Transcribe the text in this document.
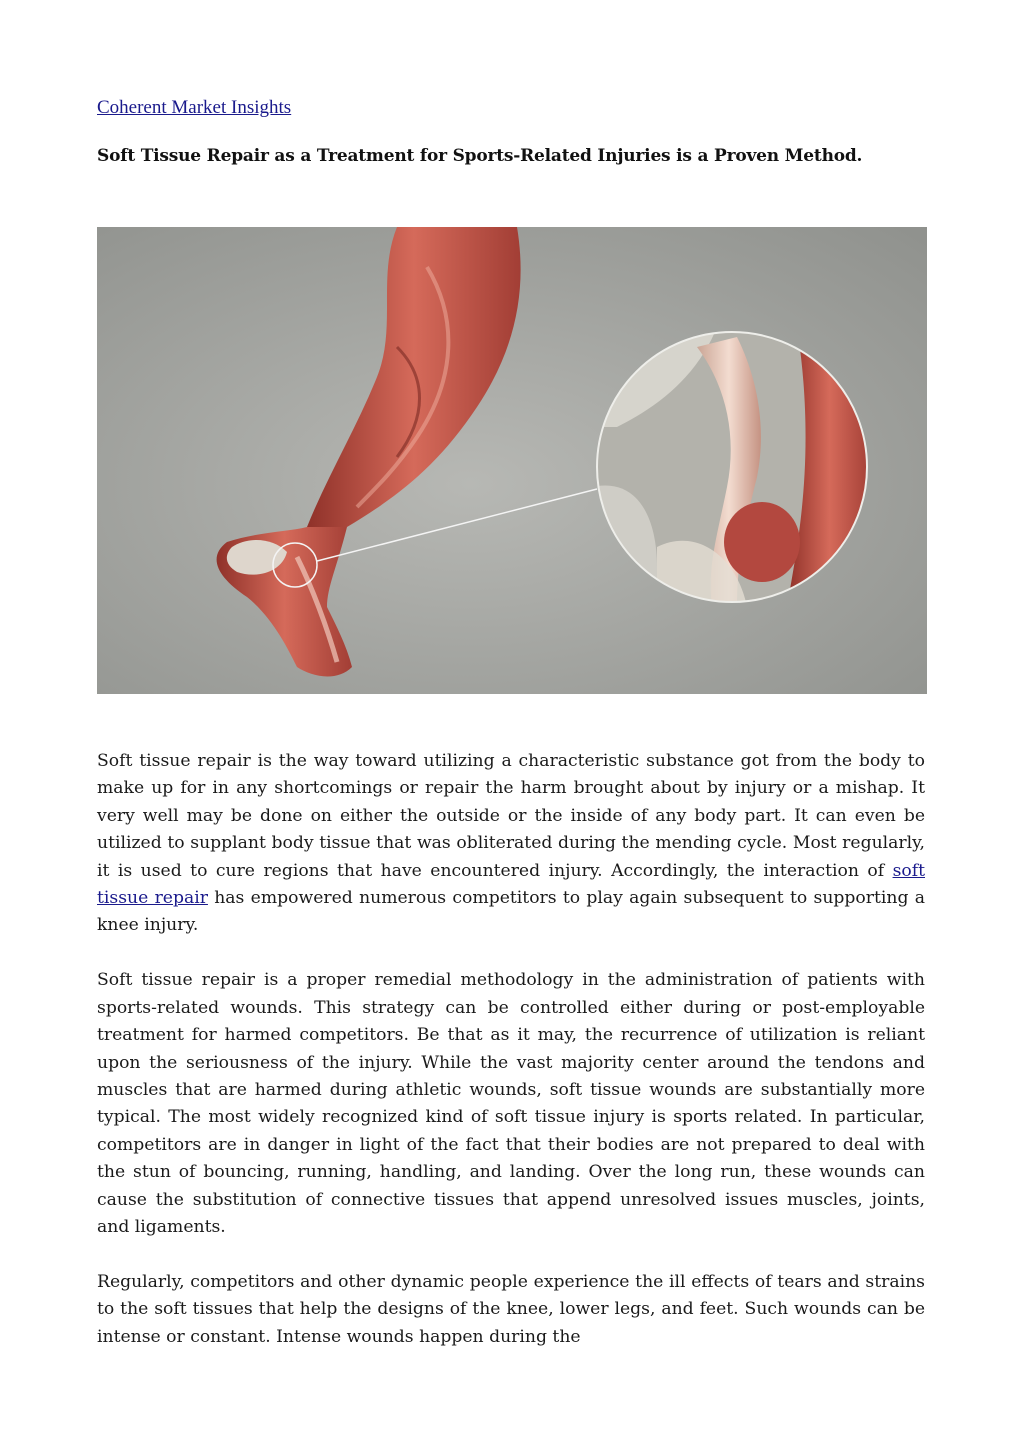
Coherent Market Insights
Soft Tissue Repair as a Treatment for Sports-Related Injuries is a Proven Method.

Soft tissue repair is the way toward utilizing a characteristic substance got from the body to make up for in any shortcomings or repair the harm brought about by injury or a mishap. It very well may be done on either the outside or the inside of any body part. It can even be utilized to supplant body tissue that was obliterated during the mending cycle. Most regularly, it is used to cure regions that have encountered injury. Accordingly, the interaction of soft tissue repair has empowered numerous competitors to play again subsequent to supporting a knee injury.

Soft tissue repair is a proper remedial methodology in the administration of patients with sports-related wounds. This strategy can be controlled either during or post-employable treatment for harmed competitors. Be that as it may, the recurrence of utilization is reliant upon the seriousness of the injury. While the vast majority center around the tendons and muscles that are harmed during athletic wounds, soft tissue wounds are substantially more typical. The most widely recognized kind of soft tissue injury is sports related. In particular, competitors are in danger in light of the fact that their bodies are not prepared to deal with the stun of bouncing, running, handling, and landing. Over the long run, these wounds can cause the substitution of connective tissues that append unresolved issues muscles, joints, and ligaments.

Regularly, competitors and other dynamic people experience the ill effects of tears and strains to the soft tissues that help the designs of the knee, lower legs, and feet. Such wounds can be intense or constant. Intense wounds happen during the
